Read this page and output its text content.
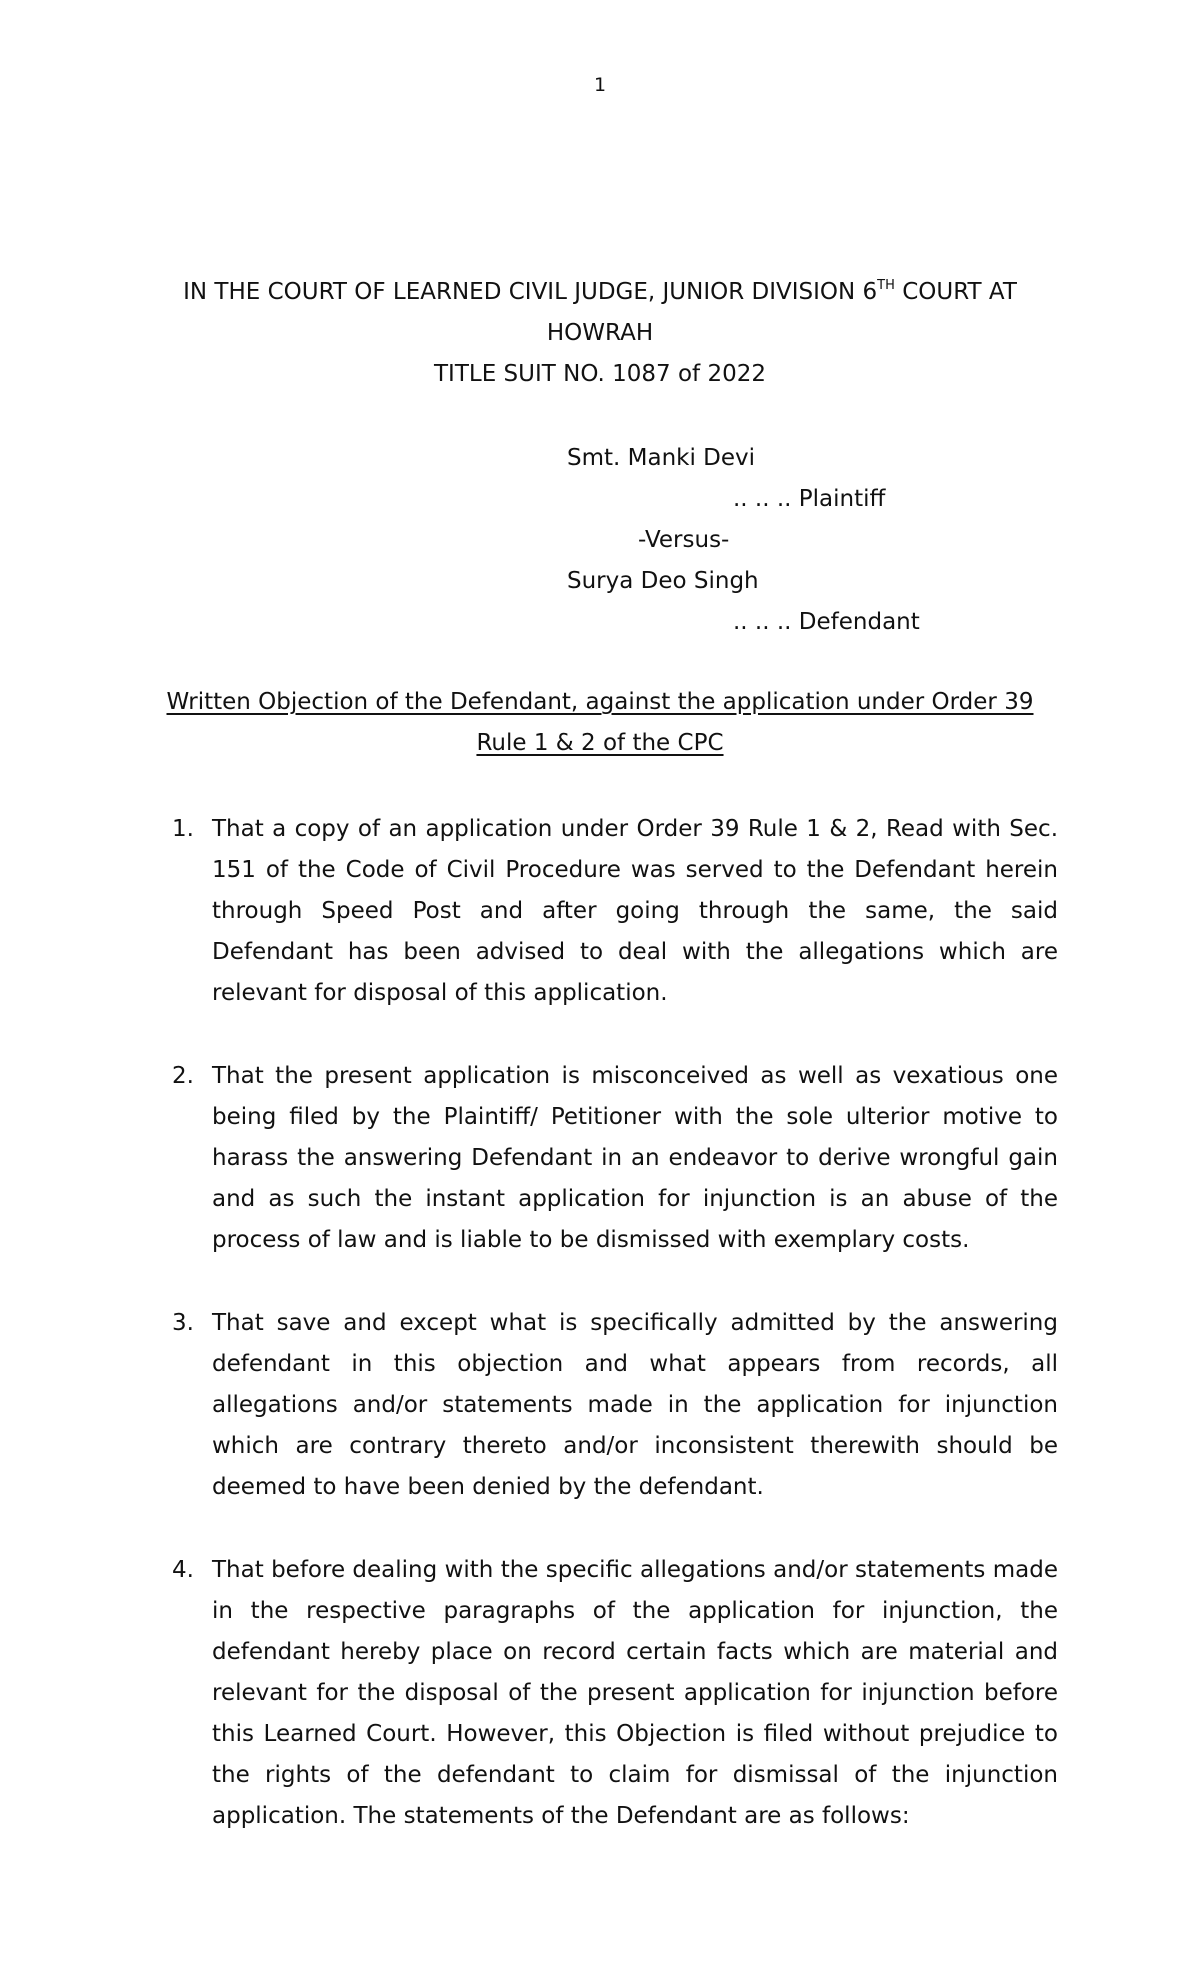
1
IN THE COURT OF LEARNED CIVIL JUDGE, JUNIOR DIVISION 6TH COURT AT
HOWRAH
TITLE SUIT NO. 1087 of 2022
Smt. Manki Devi
.. .. .. Plaintiff
-Versus-
Surya Deo Singh
.. .. .. Defendant
Written Objection of the Defendant, against the application under Order 39
Rule 1 & 2 of the CPC
1. That a copy of an application under Order 39 Rule 1 & 2, Read with Sec. 151 of the Code of Civil Procedure was served to the Defendant herein through Speed Post and after going through the same, the said Defendant has been advised to deal with the allegations which are relevant for disposal of this application.
2. That the present application is misconceived as well as vexatious one being filed by the Plaintiff/ Petitioner with the sole ulterior motive to harass the answering Defendant in an endeavor to derive wrongful gain and as such the instant application for injunction is an abuse of the process of law and is liable to be dismissed with exemplary costs.
3. That save and except what is specifically admitted by the answering defendant in this objection and what appears from records, all allegations and/or statements made in the application for injunction which are contrary thereto and/or inconsistent therewith should be deemed to have been denied by the defendant.
4. That before dealing with the specific allegations and/or statements made in the respective paragraphs of the application for injunction, the defendant hereby place on record certain facts which are material and relevant for the disposal of the present application for injunction before this Learned Court. However, this Objection is filed without prejudice to the rights of the defendant to claim for dismissal of the injunction application. The statements of the Defendant are as follows:
